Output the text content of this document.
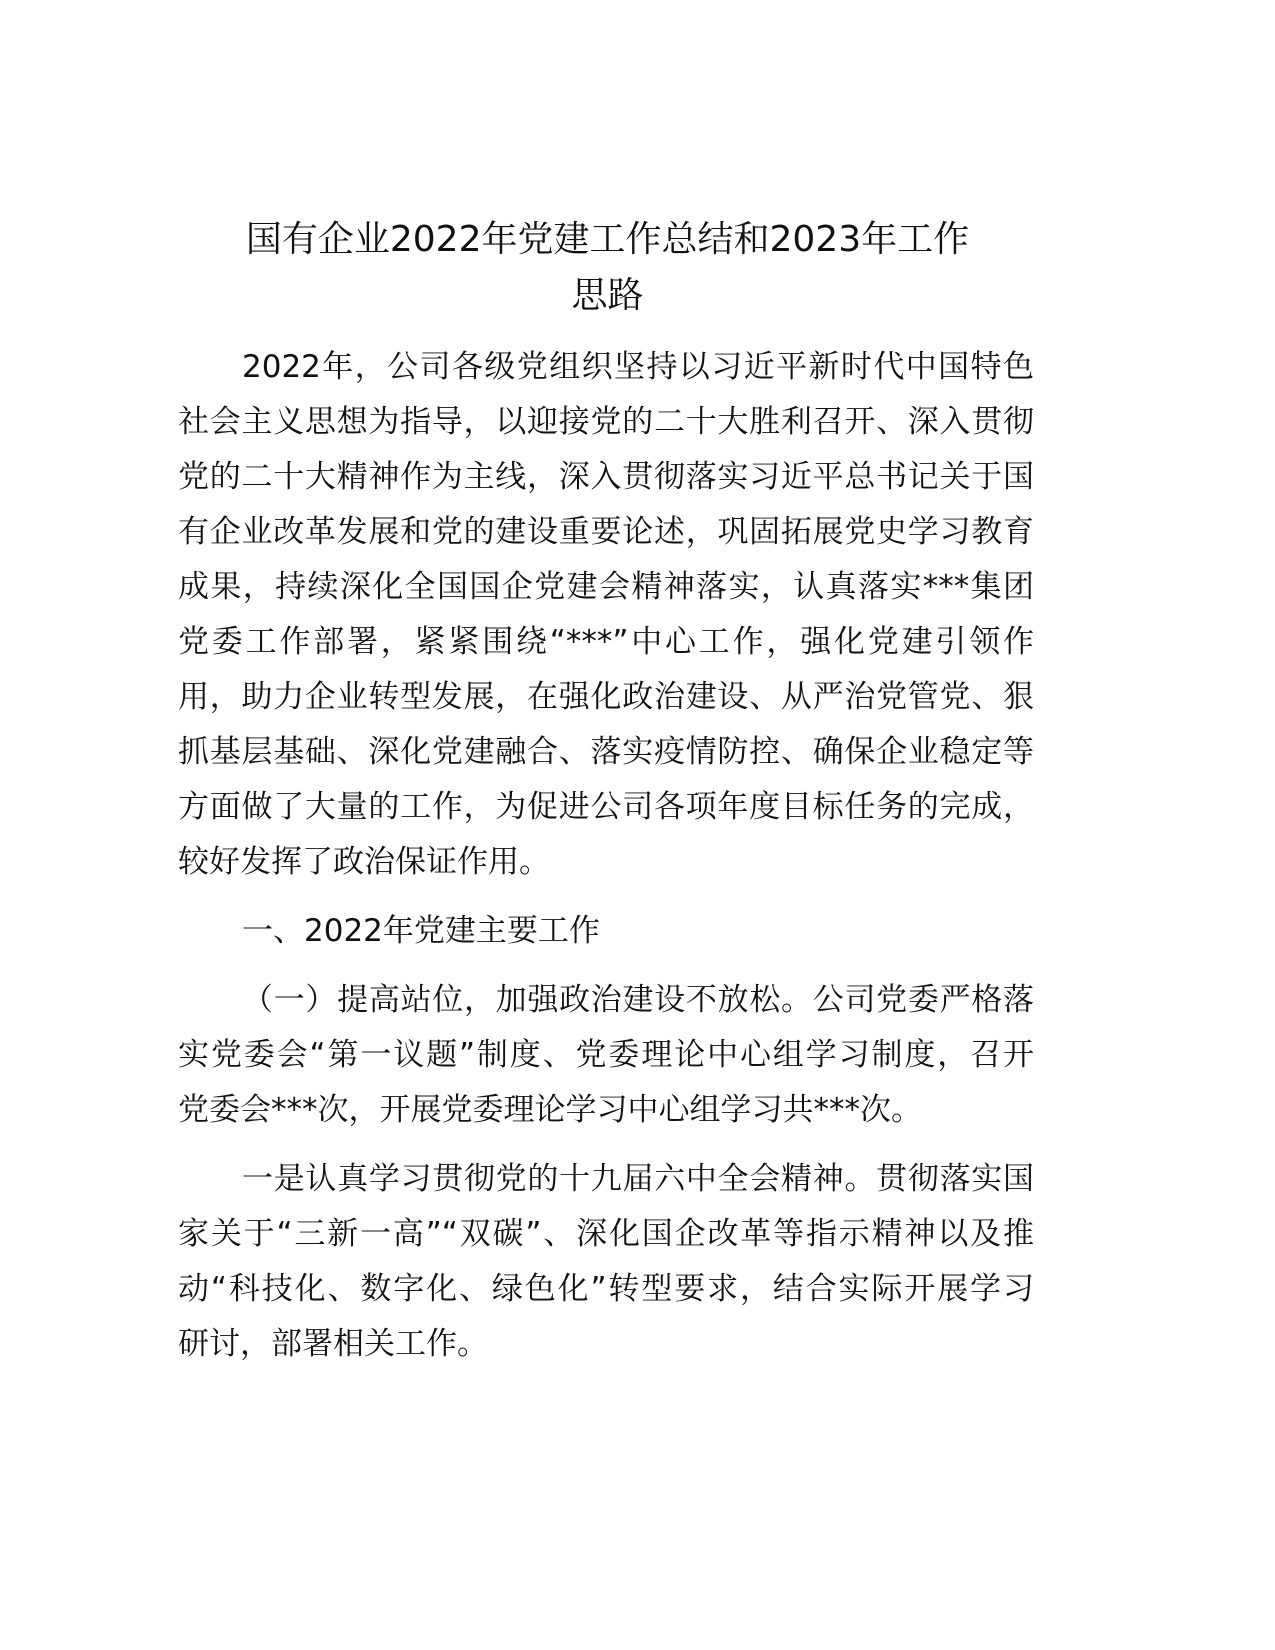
国有企业2022年党建工作总结和2023年工作
思路
2022年，公司各级党组织坚持以习近平新时代中国特色
社会主义思想为指导，以迎接党的二十大胜利召开、深入贯彻
党的二十大精神作为主线，深入贯彻落实习近平总书记关于国
有企业改革发展和党的建设重要论述，巩固拓展党史学习教育
成果，持续深化全国国企党建会精神落实，认真落实***集团
党委工作部署，紧紧围绕“***”中心工作，强化党建引领作
用，助力企业转型发展，在强化政治建设、从严治党管党、狠
抓基层基础、深化党建融合、落实疫情防控、确保企业稳定等
方面做了大量的工作，为促进公司各项年度目标任务的完成，
较好发挥了政治保证作用。
一、2022年党建主要工作
（一）提高站位，加强政治建设不放松。公司党委严格落
实党委会“第一议题”制度、党委理论中心组学习制度，召开
党委会***次，开展党委理论学习中心组学习共***次。
一是认真学习贯彻党的十九届六中全会精神。贯彻落实国
家关于“三新一高”“双碳”、深化国企改革等指示精神以及推
动“科技化、数字化、绿色化”转型要求，结合实际开展学习
研讨，部署相关工作。
